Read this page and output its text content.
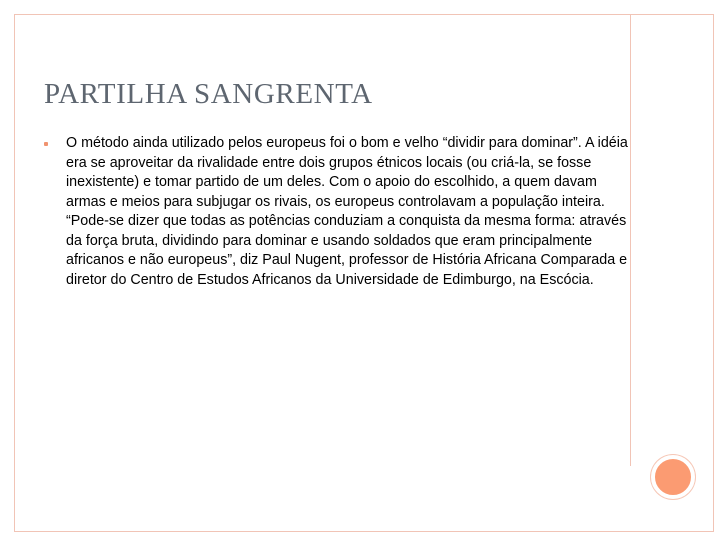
PARTILHA SANGRENTA

O método ainda utilizado pelos europeus foi o bom e velho “dividir para dominar”. A idéia era se aproveitar da rivalidade entre dois grupos étnicos locais (ou criá-la, se fosse inexistente) e tomar partido de um deles. Com o apoio do escolhido, a quem davam armas e meios para subjugar os rivais, os europeus controlavam a população inteira. “Pode-se dizer que todas as potências conduziam a conquista da mesma forma: através da força bruta, dividindo para dominar e usando soldados que eram principalmente africanos e não europeus”, diz Paul Nugent, professor de História Africana Comparada e diretor do Centro de Estudos Africanos da Universidade de Edimburgo, na Escócia.
